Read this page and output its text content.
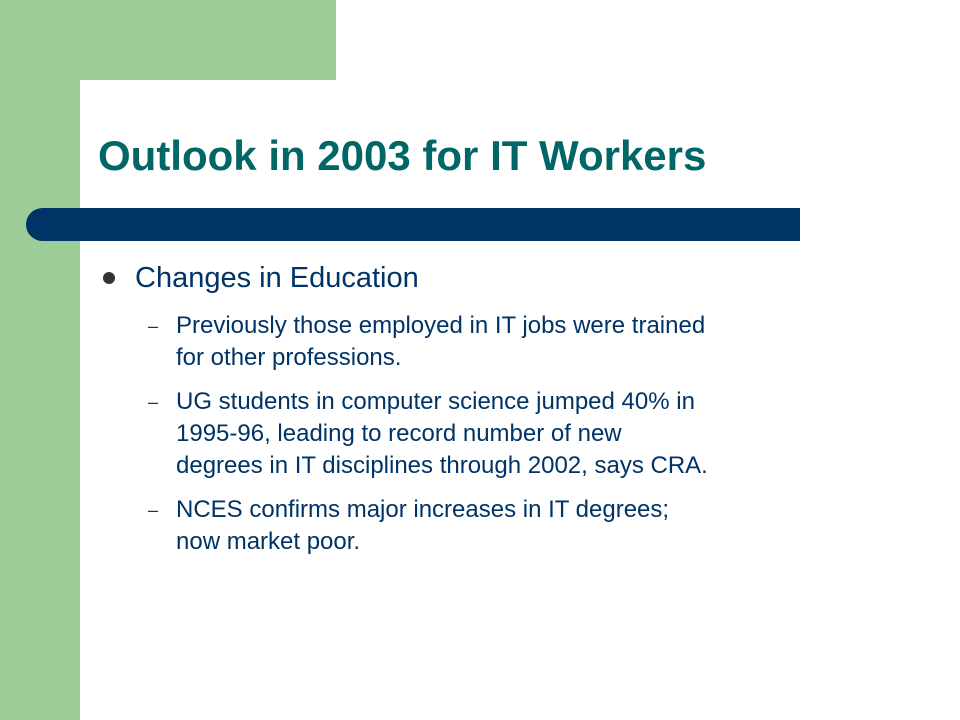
Outlook in 2003 for IT Workers
Changes in Education
– Previously those employed in IT jobs were trained

for other professions.

– UG students in computer science jumped 40% in

1995-96, leading to record number of new

degrees in IT disciplines through 2002, says CRA.

– NCES confirms major increases in IT degrees;

now market poor.
